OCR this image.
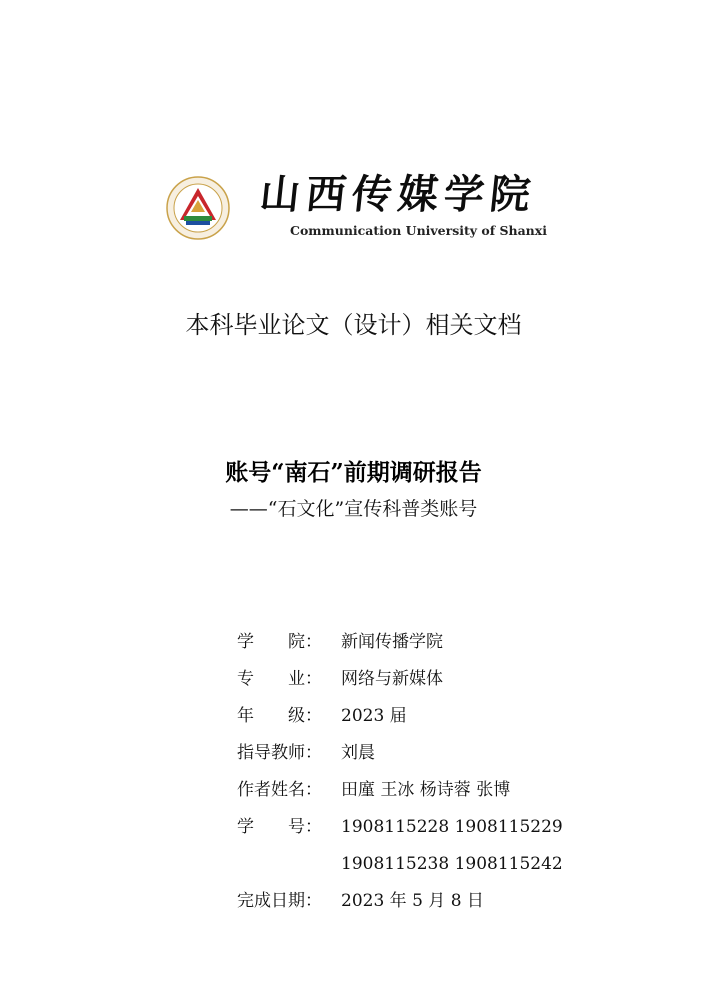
山西传媒学院
Communication University of Shanxi
本科毕业论文（设计）相关文档
账号“南石”前期调研报告
——“石文化”宣传科普类账号
学　　院：	新闻传播学院
专　　业：	网络与新媒体
年　　级：	2023 届
指导教师：	刘晨
作者姓名：	田廑 王冰 杨诗蓉 张博
学　　号：	1908115228 1908115229
1908115238 1908115242
完成日期：	2023 年 5 月 8 日
